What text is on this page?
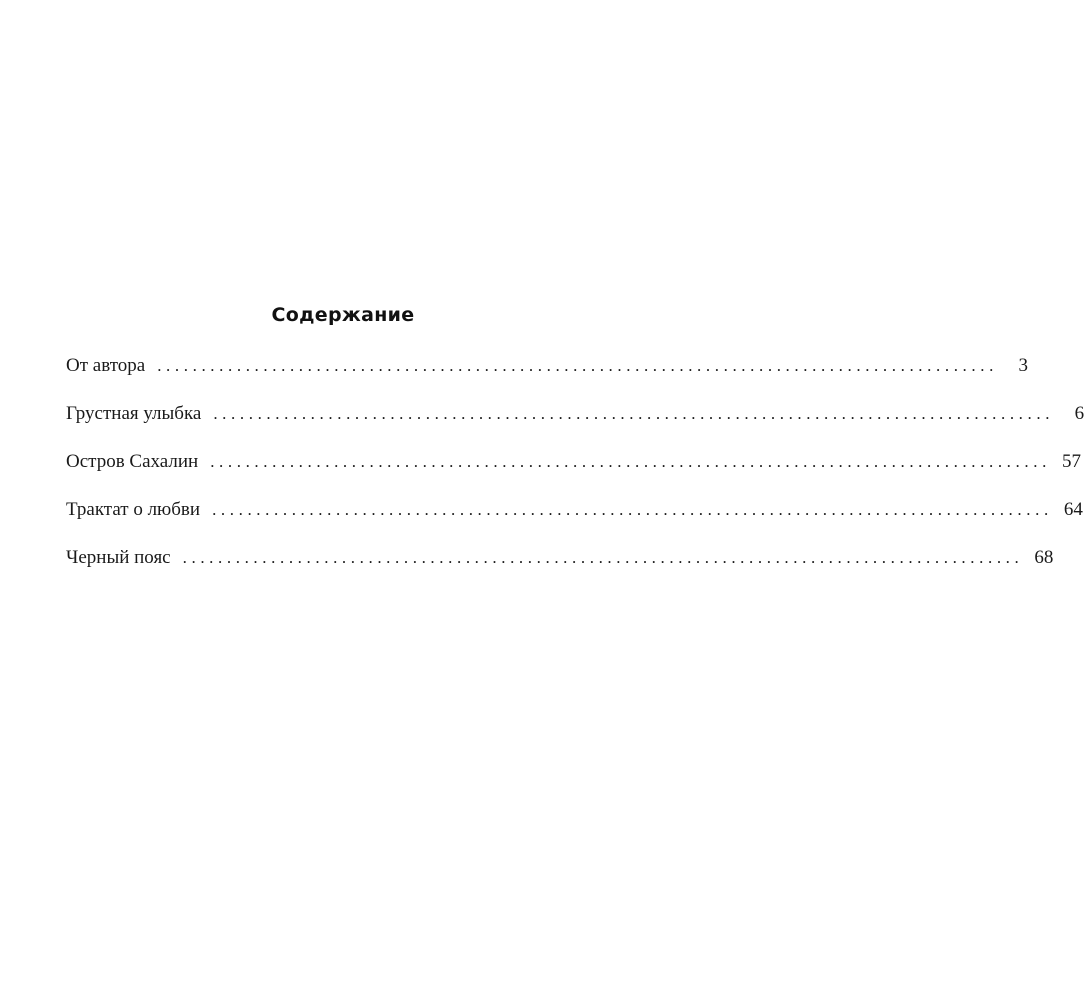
Содержание
От автора ...............................................................................................	3
Грустная улыбка ...............................................................................................	6
Остров Сахалин ............................................................................................... 57
Трактат о любви ............................................................................................... 64
Черный пояс ............................................................................................... 68
